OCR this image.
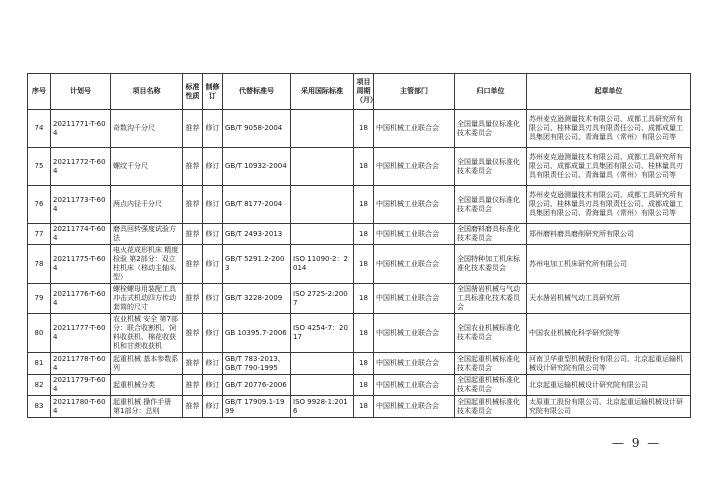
序号	计划号	项目名称	标准性质	制修订	代替标准号	采用国际标准	项目周期（月）	主管部门	归口单位	起草单位
74	20211771-T-604	奇数沟千分尺	推荐	修订	GB/T 9058-2004		18	中国机械工业联合会	全国量具量仪标准化技术委员会	苏州麦克逊测量技术有限公司、成都工具研究所有限公司、桂林量具刃具有限责任公司、成都成量工具集团有限公司、青海量具（常州）有限公司等
75	20211772-T-604	螺纹千分尺	推荐	修订	GB/T 10932-2004		18	中国机械工业联合会	全国量具量仪标准化技术委员会	苏州麦克逊测量技术有限公司、成都工具研究所有限公司、成都成量工具集团有限公司、桂林量具刃具有限责任公司、青海量具（常州）有限公司等
76	20211773-T-604	两点内径千分尺	推荐	修订	GB/T 8177-2004		18	中国机械工业联合会	全国量具量仪标准化技术委员会	苏州麦克逊测量技术有限公司、成都工具研究所有限公司、桂林量具刃具有限责任公司、成都成量工具集团有限公司、青海量具（常州）有限公司等
77	20211774-T-604	磨具回转强度试验方法	推荐	修订	GB/T 2493-2013		18	中国机械工业联合会	全国磨料磨具标准化技术委员会	郑州磨料磨具磨削研究所有限公司
78	20211775-T-604	电火花成形机床 精度检验 第2部分：双立柱机床（移动主轴头型）	推荐	修订	GB/T 5291.2-2003	ISO 11090-2：2014	18	中国机械工业联合会	全国特种加工机床标准化技术委员会	苏州电加工机床研究所有限公司
79	20211776-T-604	螺栓螺母用装配工具 冲击式机动四方传动套筒的尺寸	推荐	修订	GB/T 3228-2009	ISO 2725-2:2007	18	中国机械工业联合会	全国凿岩机械与气动工具标准化技术委员会	天水凿岩机械气动工具研究所
80	20211777-T-604	农业机械 安全 第7部分：联合收割机、饲料收获机、棉花收获机和甘蔗收获机	推荐	修订	GB 10395.7-2006	ISO 4254-7：2017	18	中国机械工业联合会	全国农业机械标准化技术委员会	中国农业机械化科学研究院等
81	20211778-T-604	起重机械 基本参数系列	推荐	修订	GB/T 783-2013、GB/T 790-1995		18	中国机械工业联合会	全国起重机械标准化技术委员会	河南卫华重型机械股份有限公司、北京起重运输机械设计研究院有限公司等
82	20211779-T-604	起重机械分类	推荐	修订	GB/T 20776-2006		18	中国机械工业联合会	全国起重机械标准化技术委员会	北京起重运输机械设计研究院有限公司
83	20211780-T-604	起重机械 操作手册 第1部分：总则	推荐	修订	GB/T 17909.1-1999	ISO 9928-1:2016	18	中国机械工业联合会	全国起重机械标准化技术委员会	太原重工股份有限公司、北京起重运输机械设计研究院有限公司
— 9 —
